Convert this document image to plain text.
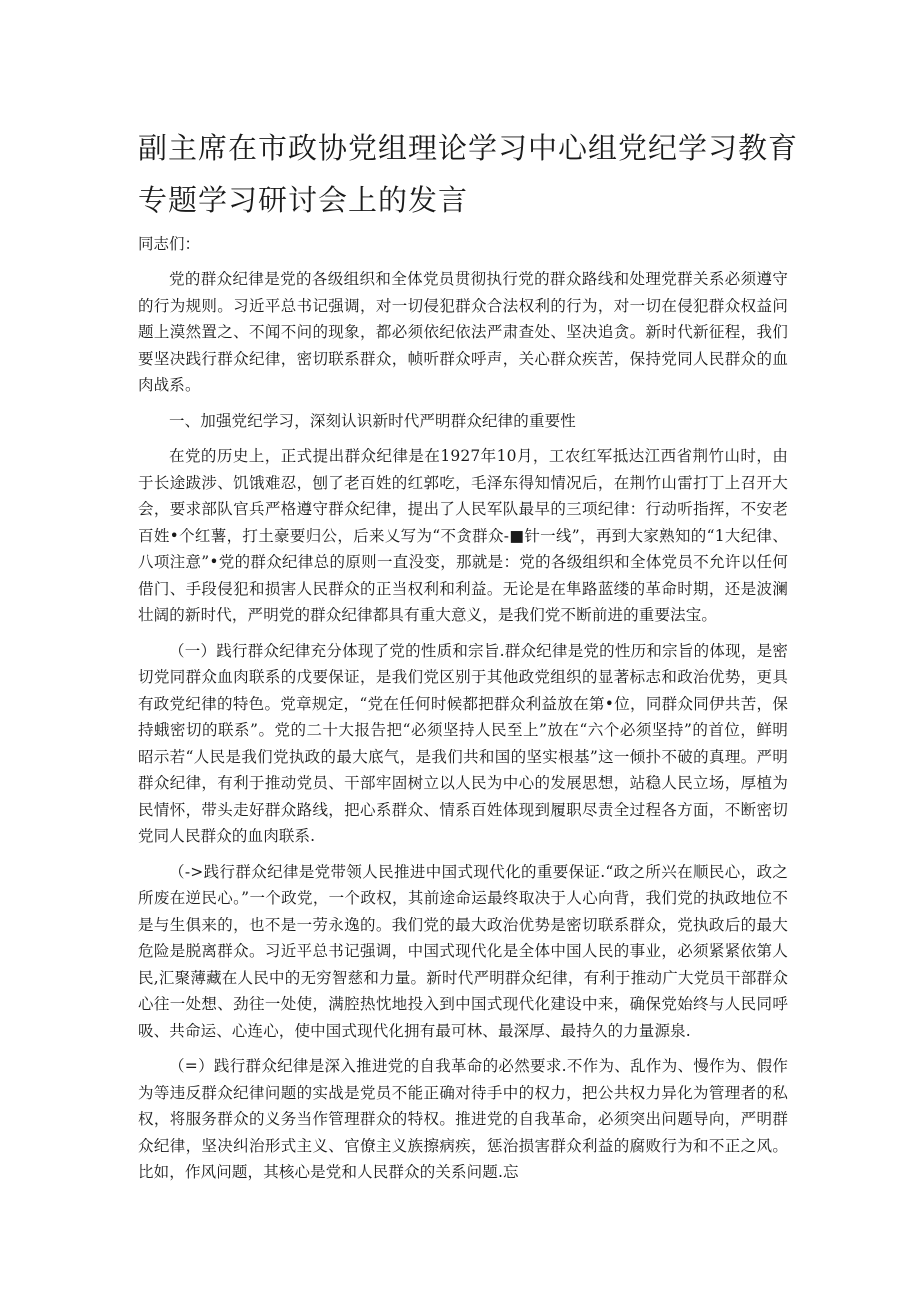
副主席在市政协党组理论学习中心组党纪学习教育
专题学习研讨会上的发言

同志们：

党的群众纪律是党的各级组织和全体党员贯彻执行党的群众路线和处理党群关系必须遵守的行为规则。习近平总书记强调，对一切侵犯群众合法权利的行为，对一切在侵犯群众权益问题上漠然置之、不闻不问的现象，都必须依纪依法严肃查处、坚决追贪。新时代新征程，我们要坚决践行群众纪律，密切联系群众，帧听群众呼声，关心群众疾苦，保持党同人民群众的血肉战系。

一、加强党纪学习，深刻认识新时代严明群众纪律的重要性

在党的历史上，正式提出群众纪律是在1927年10月，工农红军抵达江西省荆竹山时，由于长途跋涉、饥饿难忍，刨了老百姓的红郭吃，毛泽东得知情况后，在荆竹山雷打丁上召开大会，要求部队官兵严格遵守群众纪律，提出了人民军队最早的三项纪律：行动听指挥，不安老百姓•个红薯，打土豪要归公，后来乂写为“不贪群众-■针一线”，再到大家熟知的“1大纪律、八项注意”•党的群众纪律总的原则一直没变，那就是：党的各级组织和全体党员不允许以任何借门、手段侵犯和损害人民群众的正当权利和利益。无论是在隼路蓝缕的革命时期，还是波澜壮阔的新时代，严明党的群众纪律都具有重大意义，是我们党不断前进的重要法宝。

（一）践行群众纪律充分体现了党的性质和宗旨.群众纪律是党的性历和宗旨的体现，是密切党同群众血肉联系的戊要保证，是我们党区别于其他政党组织的显著标志和政治优势，更具有政党纪律的特色。党章规定，“党在任何时候都把群众利益放在第•位，同群众同伊共苦，保持蛾密切的联系”。党的二十大报告把“必须坚持人民至上”放在“六个必须坚持”的首位，鲜明昭示若“人民是我们党执政的最大底气，是我们共和国的坚实根基”这一倾扑不破的真理。严明群众纪律，有利于推动党员、干部牢固树立以人民为中心的发展思想，站稳人民立场，厚植为民情怀，带头走好群众路线，把心系群众、情系百姓体现到履职尽责全过程各方面，不断密切党同人民群众的血肉联系.

（->践行群众纪律是党带领人民推进中国式现代化的重要保证.“政之所兴在顺民心，政之所废在逆民心。”一个政党，一个政权，其前途命运最终取决于人心向背，我们党的执政地位不是与生俱来的，也不是一劳永逸的。我们党的最大政治优势是密切联系群众，党执政后的最大危险是脱离群众。习近平总书记强调，中国式现代化是全体中国人民的事业，必须紧紧依第人民,汇聚薄藏在人民中的无穷智慈和力量。新时代严明群众纪律，有利于推动广大党员干部群众心往一处想、劲往一处使，满腔热忱地投入到中国式现代化建设中来，确保党始终与人民同呼吸、共命运、心连心，使中国式现代化拥有最可林、最深厚、最持久的力量源泉.

（=）践行群众纪律是深入推进党的自我革命的必然要求.不作为、乱作为、慢作为、假作为等违反群众纪律问题的实战是党员不能正确对待手中的权力，把公共权力异化为管理者的私权，将服务群众的义务当作管理群众的特权。推进党的自我革命，必须突出问题导向，严明群众纪律，坚决纠治形式主义、官僚主义族擦病疾，惩治损害群众利益的腐败行为和不正之风。比如，作风问题，其核心是党和人民群众的关系问题.忘
